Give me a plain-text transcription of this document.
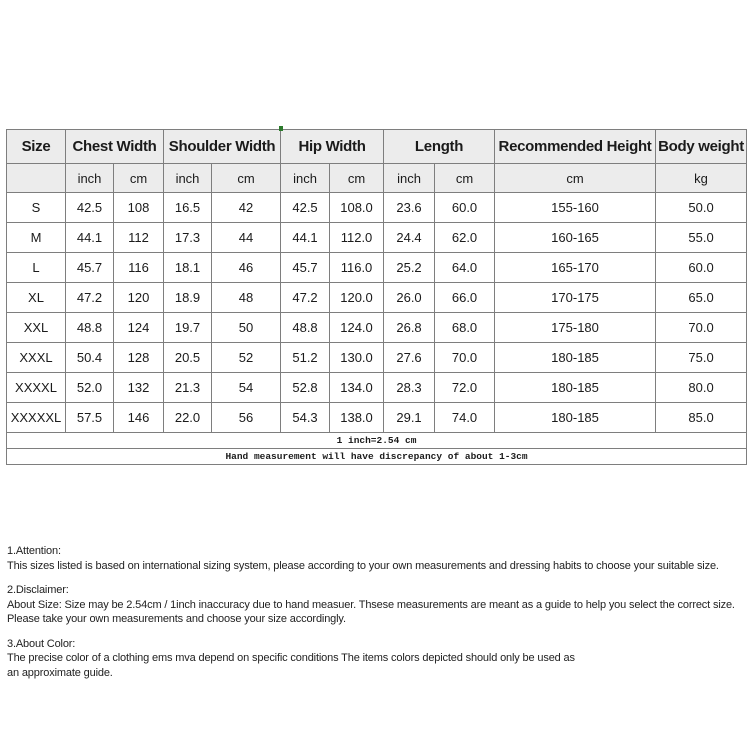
Size	Chest Width		Shoulder Width		Hip Width		Length		Recommended Height	Body weight
	inch	cm	inch	cm	inch	cm	inch	cm	cm	kg
S	42.5	108	16.5	42	42.5	108.0	23.6	60.0	155-160	50.0
M	44.1	112	17.3	44	44.1	112.0	24.4	62.0	160-165	55.0
L	45.7	116	18.1	46	45.7	116.0	25.2	64.0	165-170	60.0
XL	47.2	120	18.9	48	47.2	120.0	26.0	66.0	170-175	65.0
XXL	48.8	124	19.7	50	48.8	124.0	26.8	68.0	175-180	70.0
XXXL	50.4	128	20.5	52	51.2	130.0	27.6	70.0	180-185	75.0
XXXXL	52.0	132	21.3	54	52.8	134.0	28.3	72.0	180-185	80.0
XXXXXL	57.5	146	22.0	56	54.3	138.0	29.1	74.0	180-185	85.0
1 inch=2.54 cm										
Hand measurement will have discrepancy of about 1-3cm										
1.Attention:
This sizes listed is based on international sizing system, please according to your own measurements and dressing habits to choose your suitable size.
2.Disclaimer:
About Size: Size may be 2.54cm / 1inch inaccuracy due to hand measuer. Thsese measurements are meant as a guide to help you select the correct size.
Please take your own measurements and choose your size accordingly.
3.About Color:
The precise color of a clothing ems mva depend on specific conditions The items colors depicted should only be used as
an approximate guide.
